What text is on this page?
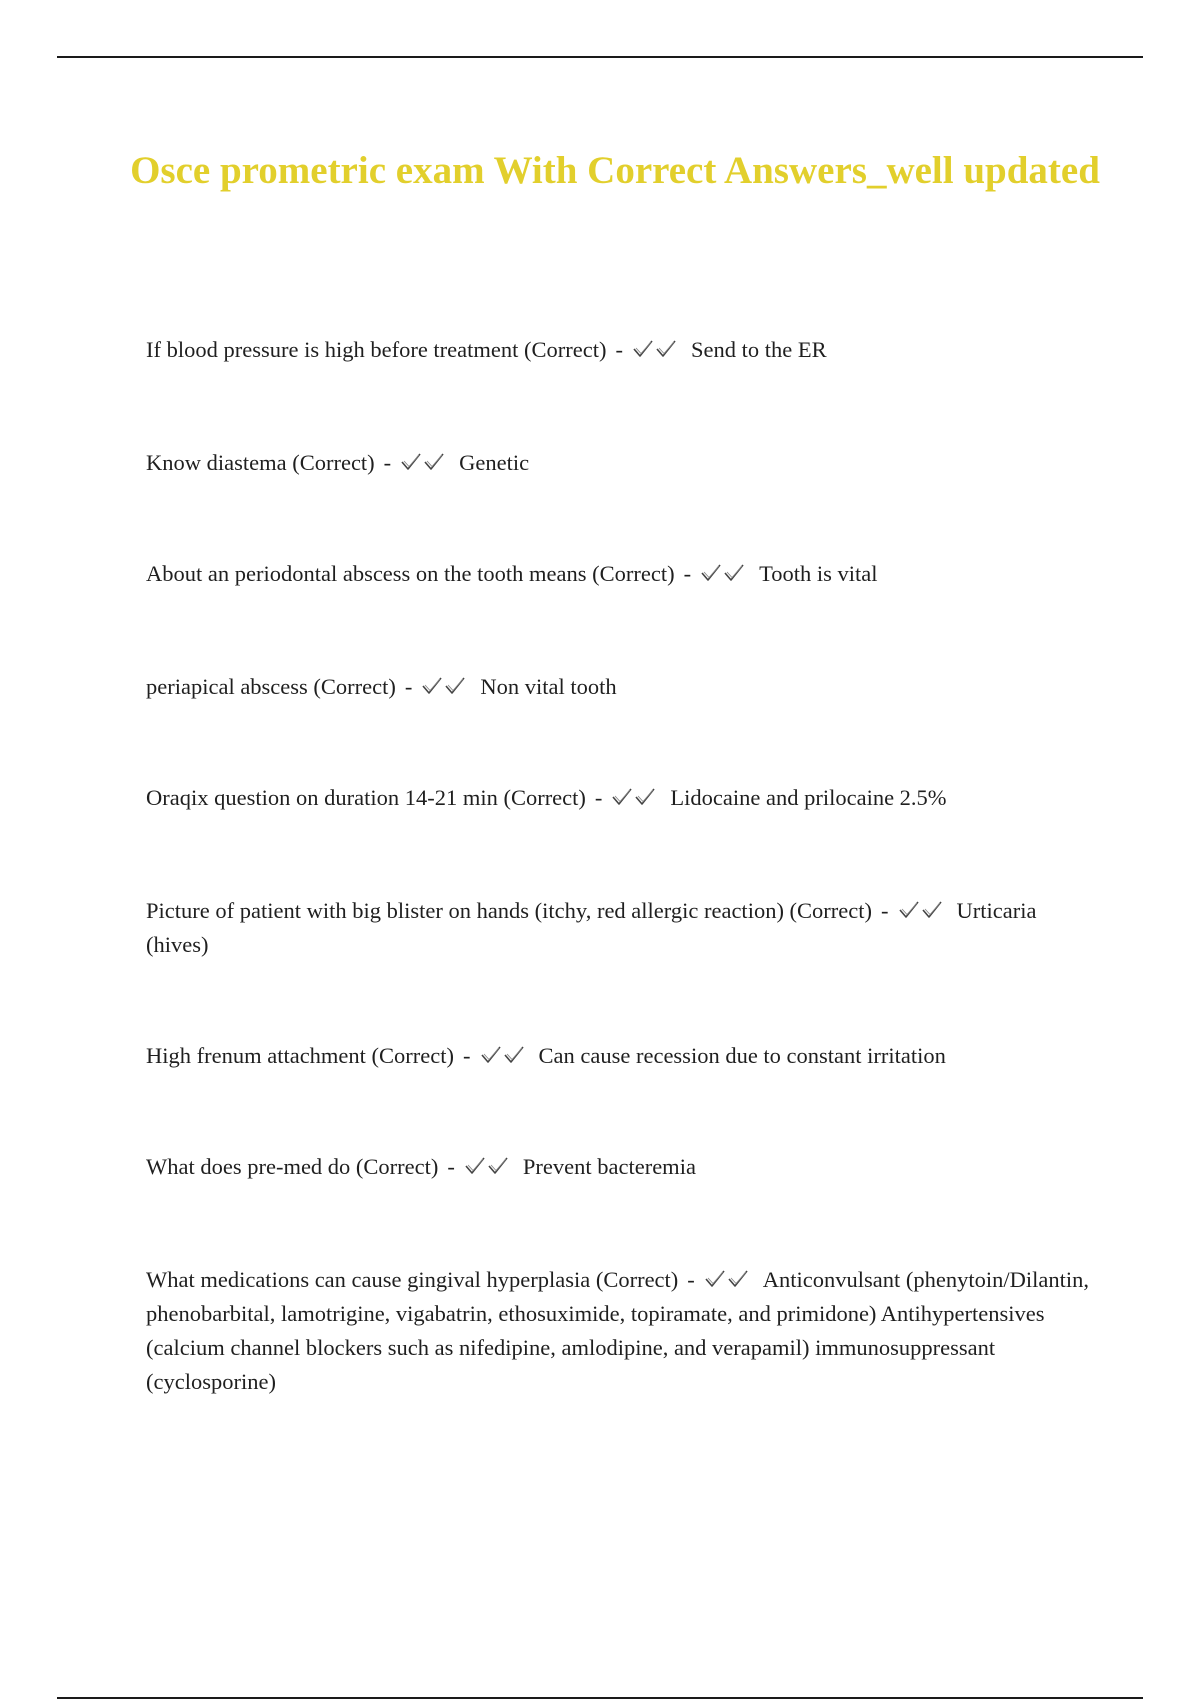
Osce prometric exam With Correct Answers_well updated

If blood pressure is high before treatment (Correct) -	Send to the ER

Know diastema (Correct) -	Genetic

About an periodontal abscess on the tooth means (Correct) -	Tooth is vital

periapical abscess (Correct) -	Non vital tooth

Oraqix question on duration 14-21 min (Correct) -	Lidocaine and prilocaine 2.5%

Picture of patient with big blister on hands (itchy, red allergic reaction) (Correct) -	Urticaria (hives)

High frenum attachment (Correct) -	Can cause recession due to constant irritation

What does pre-med do (Correct) -	Prevent bacteremia

What medications can cause gingival hyperplasia (Correct) -	Anticonvulsant (phenytoin/Dilantin, phenobarbital, lamotrigine, vigabatrin, ethosuximide, topiramate, and primidone) Antihypertensives (calcium channel blockers such as nifedipine, amlodipine, and verapamil) immunosuppressant (cyclosporine)
